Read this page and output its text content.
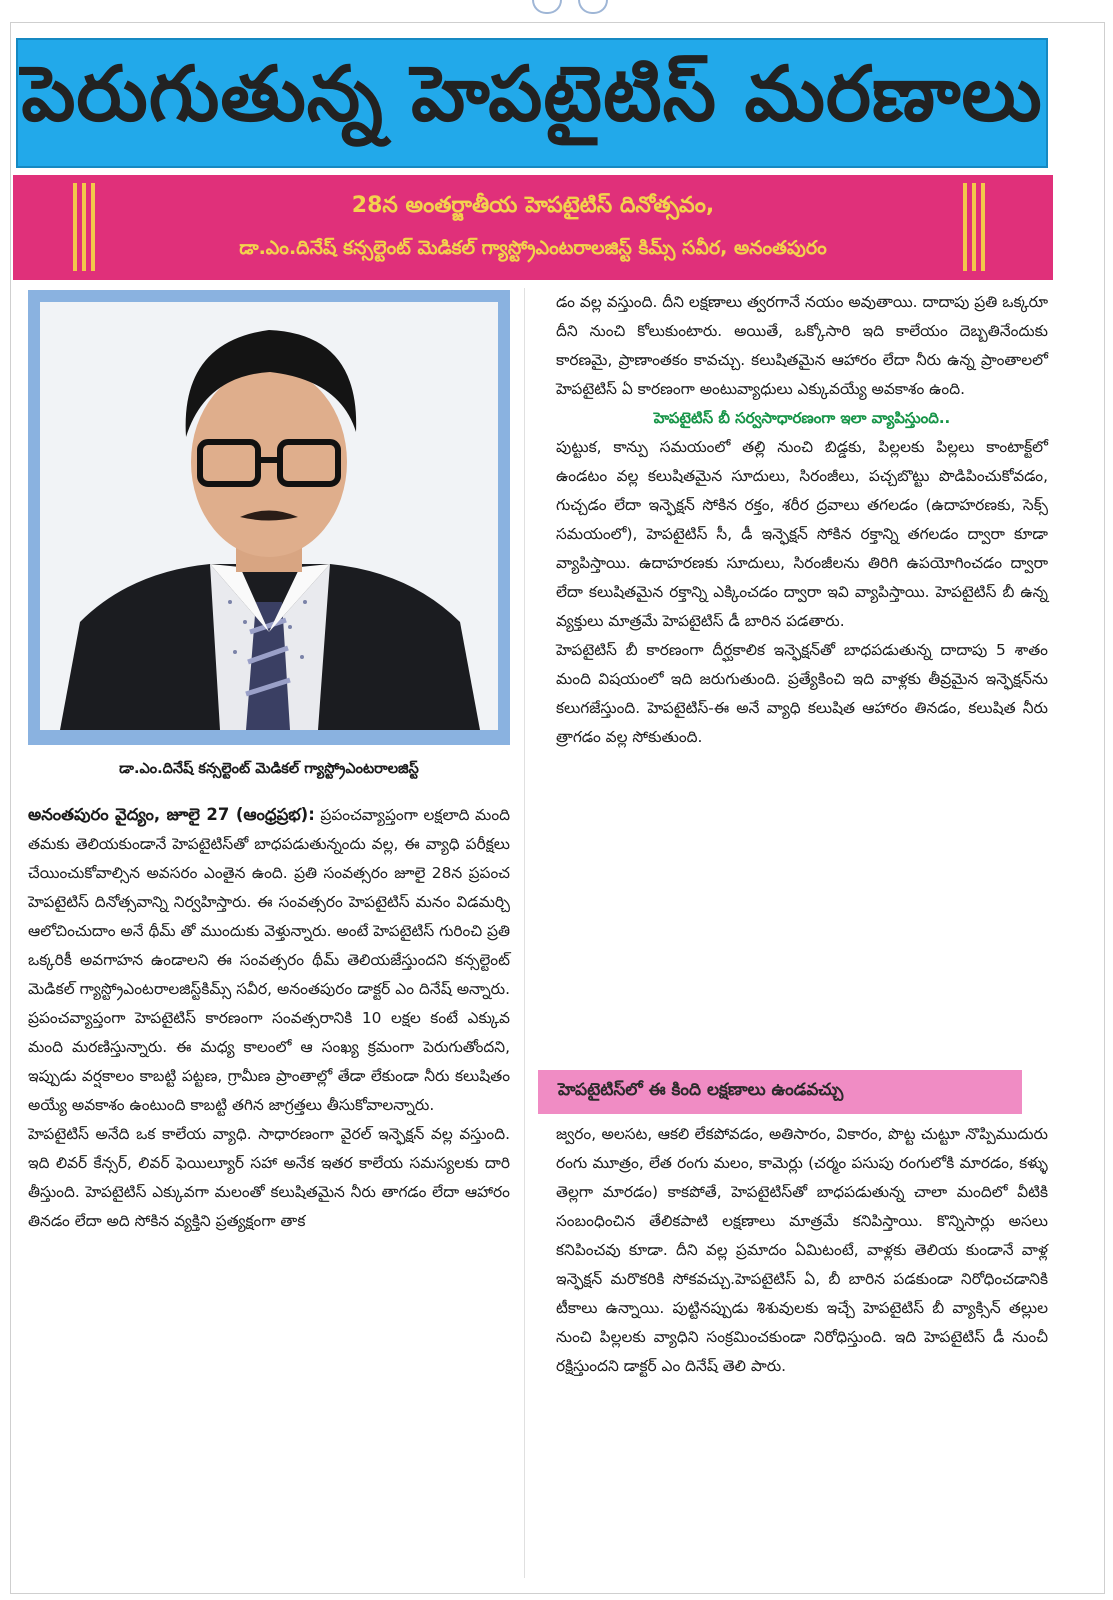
పెరుగుతున్న హెపటైటిస్ మరణాలు
28న అంతర్జాతీయ హెపటైటిస్ దినోత్సవం,
డా.ఎం.దినేష్ కన్సల్టెంట్ మెడికల్ గ్యాస్ట్రోఎంటరాలజిస్ట్ కిమ్స్ సవీర, అనంతపురం
డా.ఎం.దినేష్ కన్సల్టెంట్ మెడికల్ గ్యాస్ట్రోఎంటరాలజిస్ట్

అనంతపురం వైద్యం, జూలై 27 (ఆంధ్రప్రభ): ప్రపంచవ్యాప్తంగా లక్షలాది మంది తమకు తెలియకుండానే హెపటైటిస్‌తో బాధపడుతున్నందు వల్ల, ఈ వ్యాధి పరీక్షలు చేయించుకోవాల్సిన అవసరం ఎంతైన ఉంది. ప్రతి సంవత్సరం జూలై 28న ప్రపంచ హెపటైటిస్ దినోత్సవాన్ని నిర్వహిస్తారు. ఈ సంవత్సరం హెపటైటిస్ మనం విడమర్చి ఆలోచించుదాం అనే థీమ్ తో ముందుకు వెళ్తున్నారు. అంటే హెపటైటిస్ గురించి ప్రతి ఒక్కరికీ అవగాహన ఉండాలని ఈ సంవత్సరం థీమ్ తెలియజేస్తుందని కన్సల్టెంట్ మెడికల్ గ్యాస్ట్రోఎంటరాలజిస్ట్‌కిమ్స్ సవీర, అనంతపురం డాక్టర్ ఎం దినేష్ అన్నారు. ప్రపంచవ్యాప్తంగా హెపటైటిస్ కారణంగా సంవత్సరానికి 10 లక్షల కంటే ఎక్కువ మంది మరణిస్తున్నారు. ఈ మధ్య కాలంలో ఆ సంఖ్య క్రమంగా పెరుగుతోందని, ఇప్పుడు వర్షకాలం కాబట్టి పట్టణ, గ్రామీణ ప్రాంతాల్లో తేడా లేకుండా నీరు కలుషితం అయ్యే అవకాశం ఉంటుంది కాబట్టి తగిన జాగ్రత్తలు తీసుకోవాలన్నారు.

హెపటైటిస్ అనేది ఒక కాలేయ వ్యాధి. సాధారణంగా వైరల్ ఇన్ఫెక్షన్ వల్ల వస్తుంది. ఇది లివర్ కేన్సర్, లివర్ ఫెయిల్యూర్ సహా అనేక ఇతర కాలేయ సమస్యలకు దారి తీస్తుంది. హెపటైటిస్ ఎక్కువగా మలంతో కలుషితమైన నీరు తాగడం లేదా ఆహారం తినడం లేదా అది సోకిన వ్యక్తిని ప్రత్యక్షంగా తాక

డం వల్ల వస్తుంది. దీని లక్షణాలు త్వరగానే నయం అవుతాయి. దాదాపు ప్రతి ఒక్కరూ దీని నుంచి కోలుకుంటారు. అయితే, ఒక్కోసారి ఇది కాలేయం దెబ్బతినేందుకు కారణమై, ప్రాణాంతకం కావచ్చు. కలుషితమైన ఆహారం లేదా నీరు ఉన్న ప్రాంతాలలో హెపటైటిస్ ఏ కారణంగా అంటువ్యాధులు ఎక్కువయ్యే అవకాశం ఉంది.

హెపటైటిస్ బీ సర్వసాధారణంగా ఇలా వ్యాపిస్తుంది..

పుట్టుక, కాన్పు సమయంలో తల్లి నుంచి బిడ్డకు, పిల్లలకు పిల్లలు కాంటాక్ట్‌లో ఉండటం వల్ల కలుషితమైన సూదులు, సిరంజీలు, పచ్చబొట్టు పొడిపించుకోవడం, గుచ్చడం లేదా ఇన్ఫెక్షన్ సోకిన రక్తం, శరీర ద్రవాలు తగలడం (ఉదాహరణకు, సెక్స్ సమయంలో), హెపటైటిస్ సీ, డీ ఇన్ఫెక్షన్ సోకిన రక్తాన్ని తగలడం ద్వారా కూడా వ్యాపిస్తాయి. ఉదాహరణకు సూదులు, సిరంజీలను తిరిగి ఉపయోగించడం ద్వారా లేదా కలుషితమైన రక్తాన్ని ఎక్కించడం ద్వారా ఇవి వ్యాపిస్తాయి. హెపటైటిస్ బీ ఉన్న వ్యక్తులు మాత్రమే హెపటైటిస్ డీ బారిన పడతారు.

హెపటైటిస్ బీ కారణంగా దీర్ఘకాలిక ఇన్ఫెక్షన్‌తో బాధపడుతున్న దాదాపు 5 శాతం మంది విషయంలో ఇది జరుగుతుంది. ప్రత్యేకించి ఇది వాళ్లకు తీవ్రమైన ఇన్ఫెక్షన్‌ను కలుగజేస్తుంది. హెపటైటిస్-ఈ అనే వ్యాధి కలుషిత ఆహారం తినడం, కలుషిత నీరు త్రాగడం వల్ల సోకుతుంది.

హెపటైటిస్‌లో ఈ కింది లక్షణాలు ఉండవచ్చు

జ్వరం, అలసట, ఆకలి లేకపోవడం, అతిసారం, వికారం, పొట్ట చుట్టూ నొప్పిముదురు రంగు మూత్రం, లేత రంగు మలం, కామెర్లు (చర్మం పసుపు రంగులోకి మారడం, కళ్ళు తెల్లగా మారడం) కాకపోతే, హెపటైటిస్‌తో బాధపడుతున్న చాలా మందిలో వీటికి సంబంధించిన తేలికపాటి లక్షణాలు మాత్రమే కనిపిస్తాయి. కొన్నిసార్లు అసలు కనిపించవు కూడా. దీని వల్ల ప్రమాదం ఏమిటంటే, వాళ్లకు తెలియ కుండానే వాళ్ల ఇన్ఫెక్షన్ మరొకరికి సోకవచ్చు.హెపటైటిస్ ఏ, బీ బారిన పడకుండా నిరోధించడానికి టీకాలు ఉన్నాయి. పుట్టినప్పుడు శిశువులకు ఇచ్చే హెపటైటిస్ బీ వ్యాక్సిన్ తల్లుల నుంచి పిల్లలకు వ్యాధిని సంక్రమించకుండా నిరోధిస్తుంది. ఇది హెపటైటిస్ డీ నుంచీ రక్షిస్తుందని డాక్టర్ ఎం దినేష్ తెలి పారు.
